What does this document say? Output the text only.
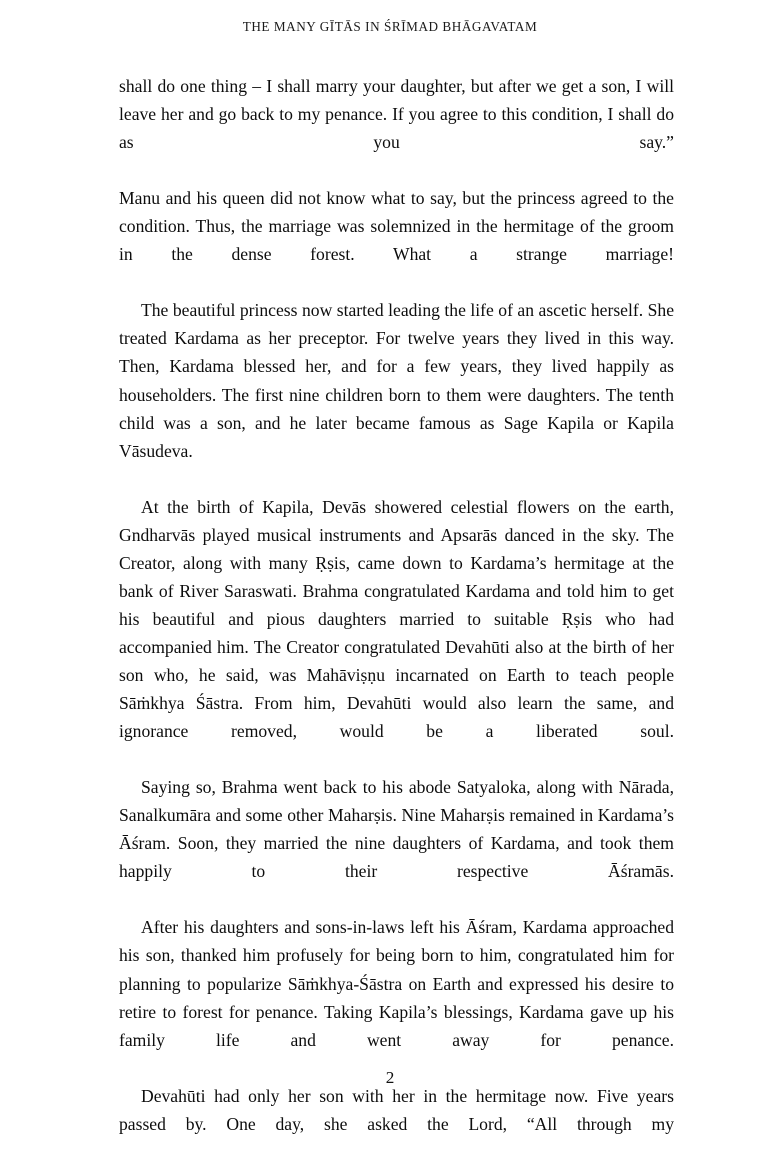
THE MANY GĪTĀS IN ŚRĪMAD BHĀGAVATAM

shall do one thing – I shall marry your daughter, but after we get a son, I will leave her and go back to my penance. If you agree to this condition, I shall do as you say.”

Manu and his queen did not know what to say, but the princess agreed to the condition. Thus, the marriage was solemnized in the hermitage of the groom in the dense forest. What a strange marriage!

The beautiful princess now started leading the life of an ascetic herself. She treated Kardama as her preceptor. For twelve years they lived in this way. Then, Kardama blessed her, and for a few years, they lived happily as householders. The first nine children born to them were daughters. The tenth child was a son, and he later became famous as Sage Kapila or Kapila Vāsudeva.

At the birth of Kapila, Devās showered celestial flowers on the earth, Gndharvās played musical instruments and Apsarās danced in the sky. The Creator, along with many Ṛṣis, came down to Kardama’s hermitage at the bank of River Saraswati. Brahma congratulated Kardama and told him to get his beautiful and pious daughters married to suitable Ṛṣis who had accompanied him. The Creator congratulated Devahūti also at the birth of her son who, he said, was Mahāviṣṇu incarnated on Earth to teach people Sāṁkhya Śāstra. From him, Devahūti would also learn the same, and ignorance removed, would be a liberated soul.

Saying so, Brahma went back to his abode Satyaloka, along with Nārada, Sanalkumāra and some other Maharṣis. Nine Maharṣis remained in Kardama’s Āśram. Soon, they married the nine daughters of Kardama, and took them happily to their respective Āśramās.

After his daughters and sons-in-laws left his Āśram, Kardama approached his son, thanked him profusely for being born to him, congratulated him for planning to popularize Sāṁkhya-Śāstra on Earth and expressed his desire to retire to forest for penance. Taking Kapila’s blessings, Kardama gave up his family life and went away for penance.

Devahūti had only her son with her in the hermitage now. Five years passed by. One day, she asked the Lord, “All through my

2
